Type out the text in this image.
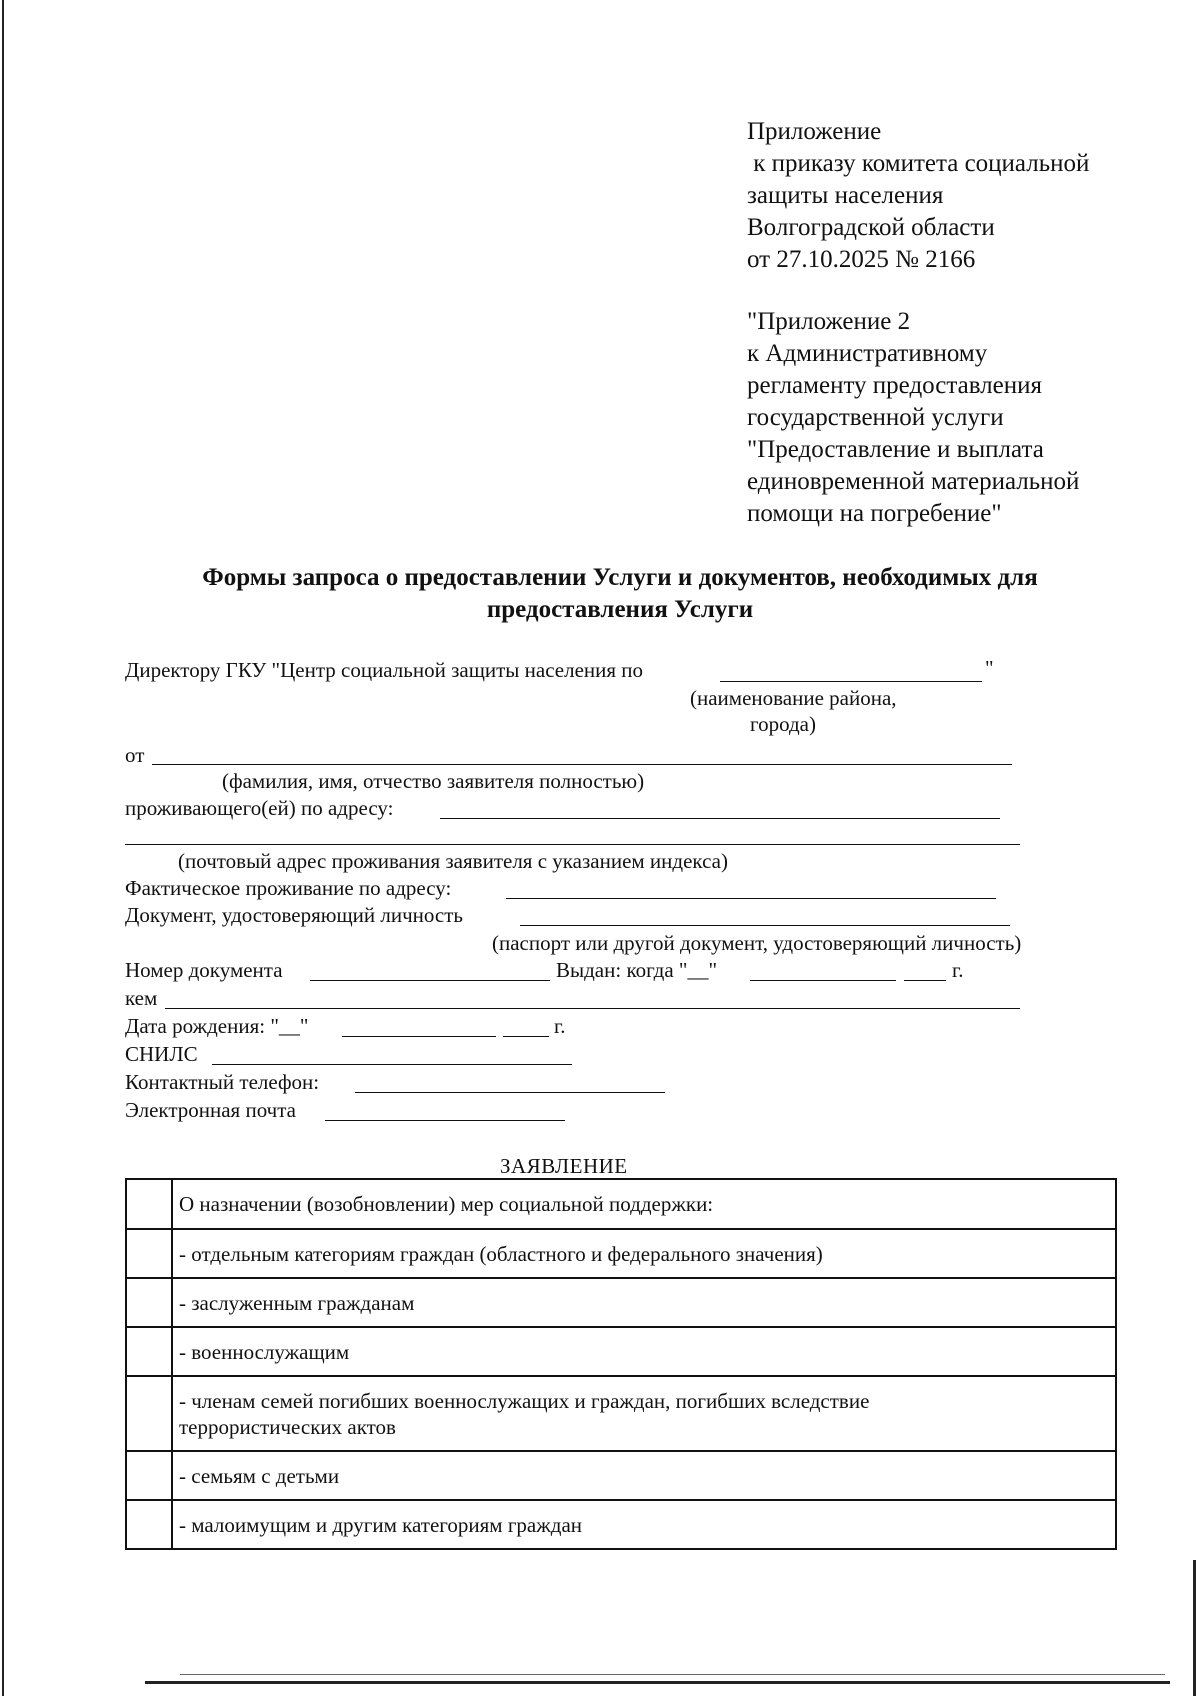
Приложение
к приказу комитета социальной
защиты населения
Волгоградской области
от 27.10.2025 № 2166
"Приложение 2
к Административному
регламенту предоставления
государственной услуги
"Предоставление и выплата
единовременной материальной
помощи на погребение"
Формы запроса о предоставлении Услуги и документов, необходимых для
предоставления Услуги
Директору ГКУ "Центр социальной защиты населения по	"
(наименование района,
города)
от
(фамилия, имя, отчество заявителя полностью)
проживающего(ей) по адресу:
(почтовый адрес проживания заявителя с указанием индекса)
Фактическое проживание по адресу:
Документ, удостоверяющий личность
(паспорт или другой документ, удостоверяющий личность)
Номер документа	Выдан: когда "__"	г.
кем
Дата рождения: "__"	г.
СНИЛС
Контактный телефон:
Электронная почта
ЗАЯВЛЕНИЕ
	О назначении (возобновлении) мер социальной поддержки:
	- отдельным категориям граждан (областного и федерального значения)
	- заслуженным гражданам
	- военнослужащим
	- членам семей погибших военнослужащих и граждан, погибших вследствие террористических актов
	- семьям с детьми
	- малоимущим и другим категориям граждан
